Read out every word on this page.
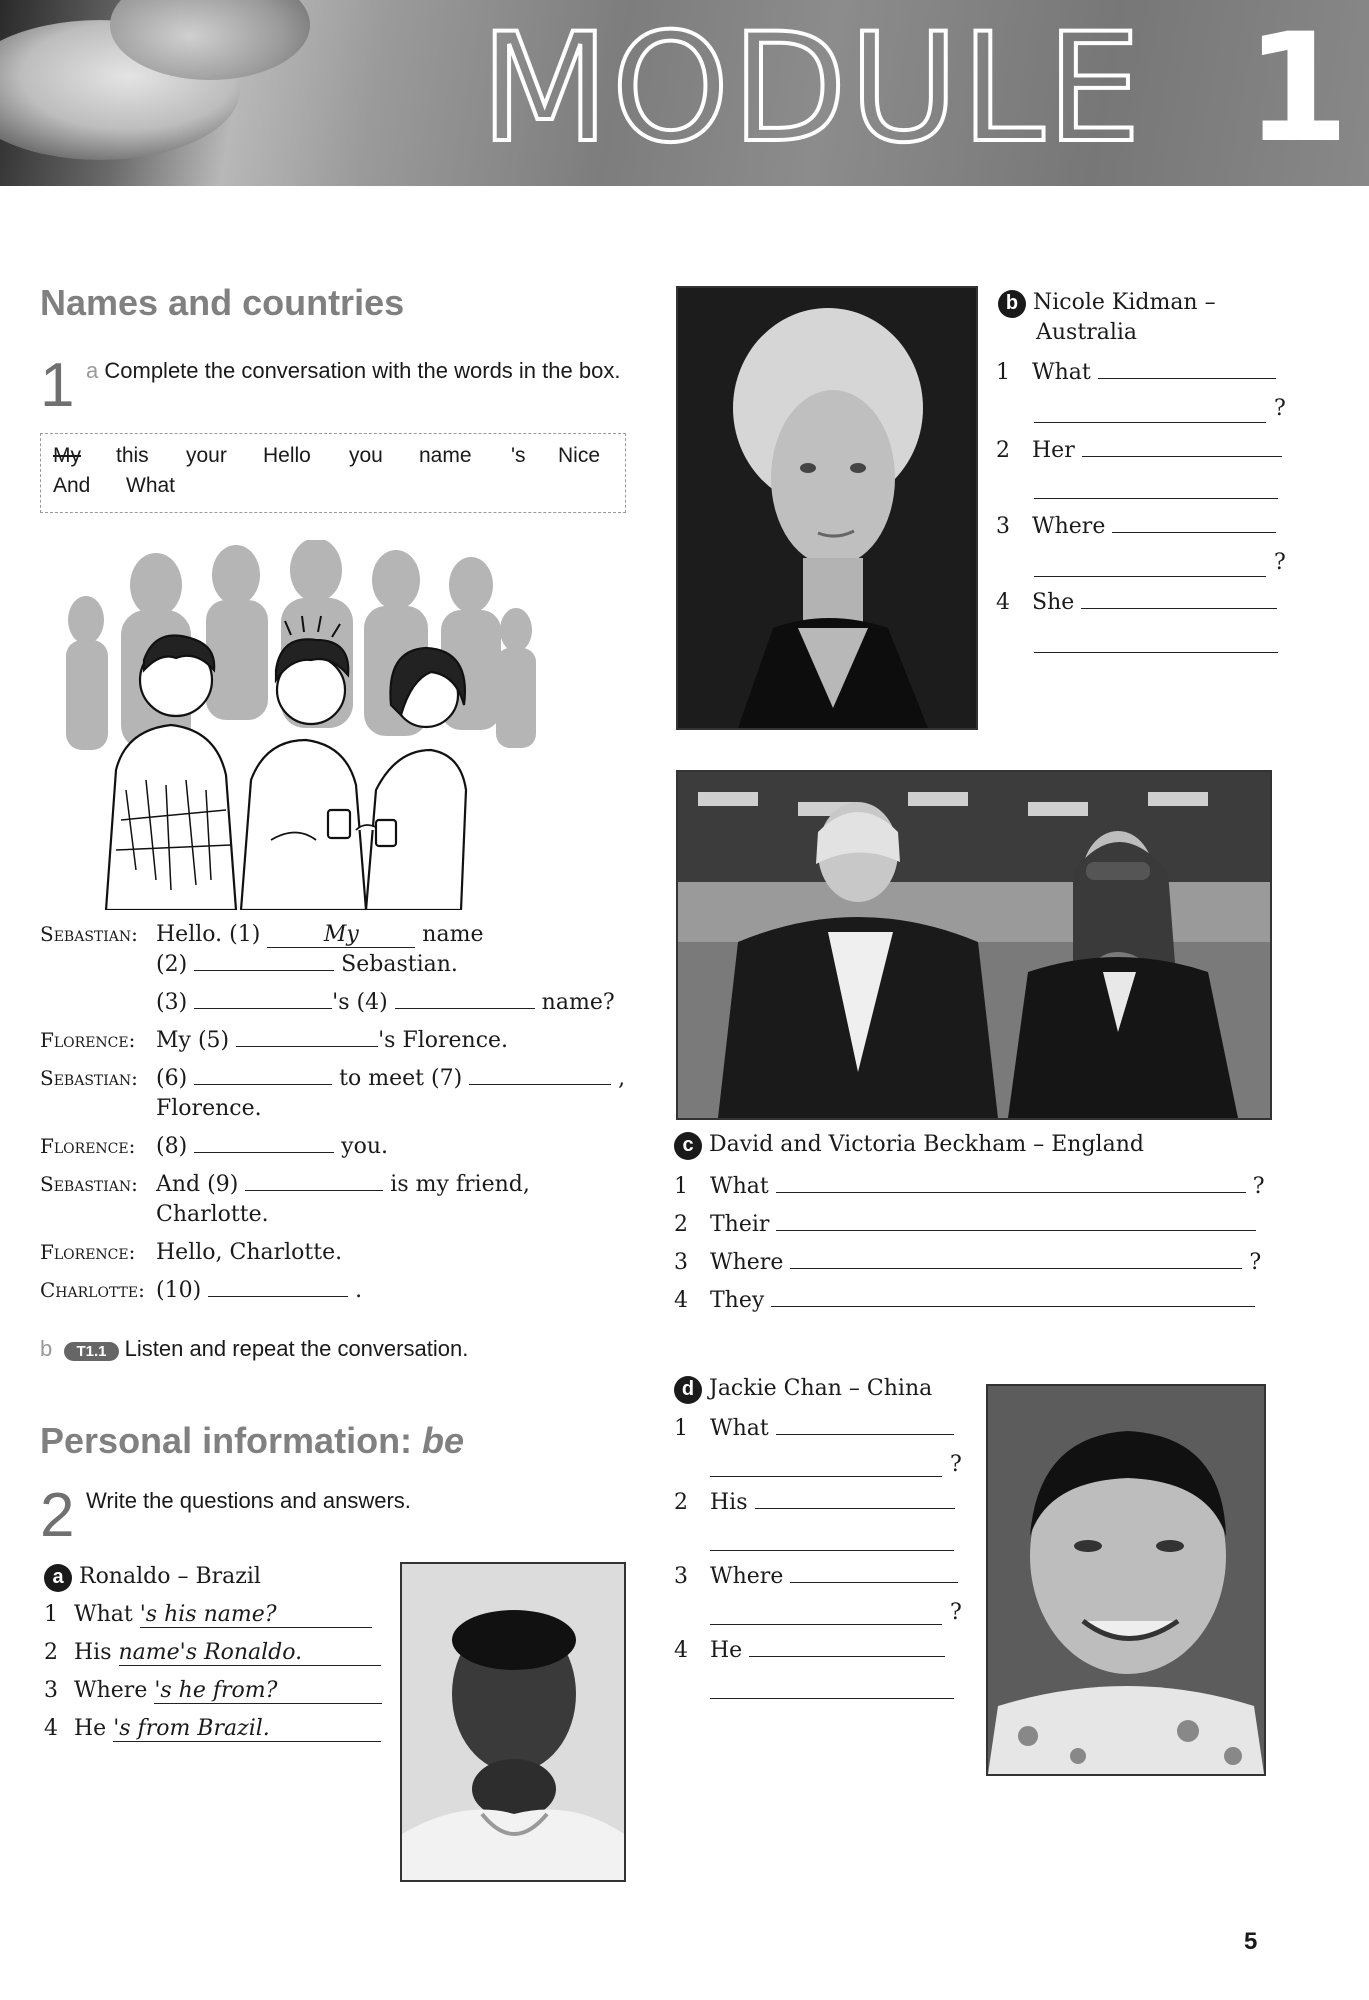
MODULE 1
Names and countries
1 a Complete the conversation with the words in the box.
My this your Hello you name 's Nice
And What
Sebastian: Hello. (1)	My	name
(2)	Sebastian.
(3)	's (4)	name?
Florence: My (5)	's Florence.
Sebastian: (6)	to meet (7)	,
Florence.
Florence: (8)	you.
Sebastian: And (9)	is my friend,
Charlotte.
Florence: Hello, Charlotte.
Charlotte: (10)	.
b T1.1 Listen and repeat the conversation.
Personal information: be
2 Write the questions and answers.
a Ronaldo – Brazil
1 What 's his name?
2 His name's Ronaldo.
3 Where 's he from?
4 He 's from Brazil.
b Nicole Kidman –
Australia
1 What
?
2 Her
3 Where
?
4 She
c David and Victoria Beckham – England
1 What	?
2 Their
3 Where	?
4 They
d Jackie Chan – China
1 What
?
2 His
3 Where
?
4 He
5
